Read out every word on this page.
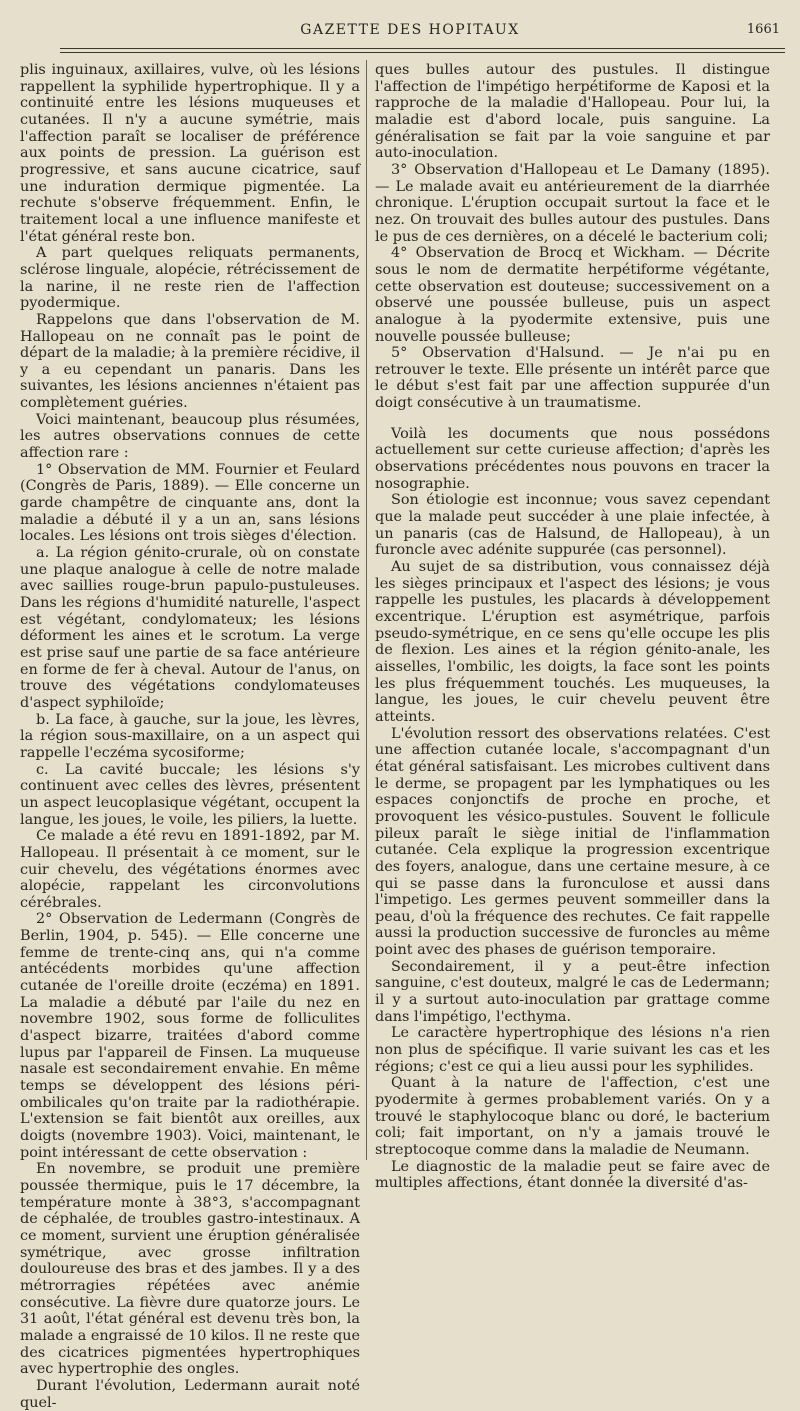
GAZETTE DES HOPITAUX	1661

plis inguinaux, axillaires, vulve, où les lésions rappellent la syphilide hypertrophique. Il y a continuité entre les lésions muqueuses et cutanées. Il n'y a aucune symétrie, mais l'affection paraît se localiser de préférence aux points de pression. La guérison est progressive, et sans aucune cicatrice, sauf une induration dermique pigmentée. La rechute s'observe fréquemment. Enfin, le traitement local a une influence manifeste et l'état général reste bon.

A part quelques reliquats permanents, sclérose linguale, alopécie, rétrécissement de la narine, il ne reste rien de l'affection pyodermique.

Rappelons que dans l'observation de M. Hallopeau on ne connaît pas le point de départ de la maladie; à la première récidive, il y a eu cependant un panaris. Dans les suivantes, les lésions anciennes n'étaient pas complètement guéries.

Voici maintenant, beaucoup plus résumées, les autres observations connues de cette affection rare :

1° Observation de MM. Fournier et Feulard (Congrès de Paris, 1889). — Elle concerne un garde champêtre de cinquante ans, dont la maladie a débuté il y a un an, sans lésions locales. Les lésions ont trois sièges d'élection.

a. La région génito-crurale, où on constate une plaque analogue à celle de notre malade avec saillies rouge-brun papulo-pustuleuses. Dans les régions d'humidité naturelle, l'aspect est végétant, condylomateux; les lésions déforment les aines et le scrotum. La verge est prise sauf une partie de sa face antérieure en forme de fer à cheval. Autour de l'anus, on trouve des végétations condylomateuses d'aspect syphiloïde;

b. La face, à gauche, sur la joue, les lèvres, la région sous-maxillaire, on a un aspect qui rappelle l'eczéma sycosiforme;

c. La cavité buccale; les lésions s'y continuent avec celles des lèvres, présentent un aspect leucoplasique végétant, occupent la langue, les joues, le voile, les piliers, la luette.

Ce malade a été revu en 1891-1892, par M. Hallopeau. Il présentait à ce moment, sur le cuir chevelu, des végétations énormes avec alopécie, rappelant les circonvolutions cérébrales.

2° Observation de Ledermann (Congrès de Berlin, 1904, p. 545). — Elle concerne une femme de trente-cinq ans, qui n'a comme antécédents morbides qu'une affection cutanée de l'oreille droite (eczéma) en 1891. La maladie a débuté par l'aile du nez en novembre 1902, sous forme de folliculites d'aspect bizarre, traitées d'abord comme lupus par l'appareil de Finsen. La muqueuse nasale est secondairement envahie. En même temps se développent des lésions péri-ombilicales qu'on traite par la radiothérapie. L'extension se fait bientôt aux oreilles, aux doigts (novembre 1903). Voici, maintenant, le point intéressant de cette observation :

En novembre, se produit une première poussée thermique, puis le 17 décembre, la température monte à 38°3, s'accompagnant de céphalée, de troubles gastro-intestinaux. A ce moment, survient une éruption généralisée symétrique, avec grosse infiltration douloureuse des bras et des jambes. Il y a des métrorragies répétées avec anémie consécutive. La fièvre dure quatorze jours. Le 31 août, l'état général est devenu très bon, la malade a engraissé de 10 kilos. Il ne reste que des cicatrices pigmentées hypertrophiques avec hypertrophie des ongles.

Durant l'évolution, Ledermann aurait noté quel-

ques bulles autour des pustules. Il distingue l'affection de l'impétigo herpétiforme de Kaposi et la rapproche de la maladie d'Hallopeau. Pour lui, la maladie est d'abord locale, puis sanguine. La généralisation se fait par la voie sanguine et par auto-inoculation.

3° Observation d'Hallopeau et Le Damany (1895). — Le malade avait eu antérieurement de la diarrhée chronique. L'éruption occupait surtout la face et le nez. On trouvait des bulles autour des pustules. Dans le pus de ces dernières, on a décelé le bacterium coli;

4° Observation de Brocq et Wickham. — Décrite sous le nom de dermatite herpétiforme végétante, cette observation est douteuse; successivement on a observé une poussée bulleuse, puis un aspect analogue à la pyodermite extensive, puis une nouvelle poussée bulleuse;

5° Observation d'Halsund. — Je n'ai pu en retrouver le texte. Elle présente un intérêt parce que le début s'est fait par une affection suppurée d'un doigt consécutive à un traumatisme.

Voilà les documents que nous possédons actuellement sur cette curieuse affection; d'après les observations précédentes nous pouvons en tracer la nosographie.

Son étiologie est inconnue; vous savez cependant que la malade peut succéder à une plaie infectée, à un panaris (cas de Halsund, de Hallopeau), à un furoncle avec adénite suppurée (cas personnel).

Au sujet de sa distribution, vous connaissez déjà les sièges principaux et l'aspect des lésions; je vous rappelle les pustules, les placards à développement excentrique. L'éruption est asymétrique, parfois pseudo-symétrique, en ce sens qu'elle occupe les plis de flexion. Les aines et la région génito-anale, les aisselles, l'ombilic, les doigts, la face sont les points les plus fréquemment touchés. Les muqueuses, la langue, les joues, le cuir chevelu peuvent être atteints.

L'évolution ressort des observations relatées. C'est une affection cutanée locale, s'accompagnant d'un état général satisfaisant. Les microbes cultivent dans le derme, se propagent par les lymphatiques ou les espaces conjonctifs de proche en proche, et provoquent les vésico-pustules. Souvent le follicule pileux paraît le siège initial de l'inflammation cutanée. Cela explique la progression excentrique des foyers, analogue, dans une certaine mesure, à ce qui se passe dans la furonculose et aussi dans l'impetigo. Les germes peuvent sommeiller dans la peau, d'où la fréquence des rechutes. Ce fait rappelle aussi la production successive de furoncles au même point avec des phases de guérison temporaire.

Secondairement, il y a peut-être infection sanguine, c'est douteux, malgré le cas de Ledermann; il y a surtout auto-inoculation par grattage comme dans l'impétigo, l'ecthyma.

Le caractère hypertrophique des lésions n'a rien non plus de spécifique. Il varie suivant les cas et les régions; c'est ce qui a lieu aussi pour les syphilides.

Quant à la nature de l'affection, c'est une pyodermite à germes probablement variés. On y a trouvé le staphylocoque blanc ou doré, le bacterium coli; fait important, on n'y a jamais trouvé le streptocoque comme dans la maladie de Neumann.

Le diagnostic de la maladie peut se faire avec de multiples affections, étant donnée la diversité d'as-
